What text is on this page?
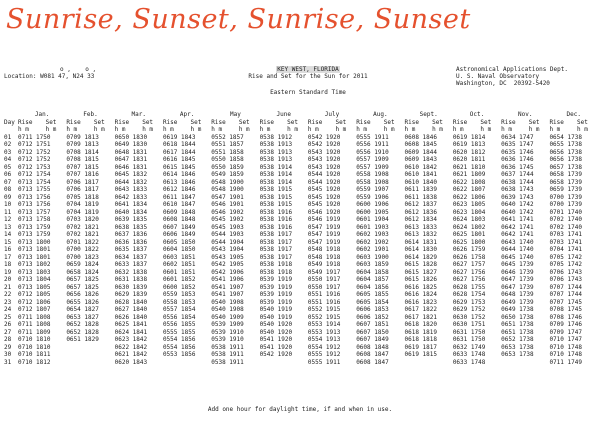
Sunrise, Sunset, Sunrise, Sunset
o ,    o ,
Location: W081 47, N24 33
KEY WEST, FLORIDA
Rise and Set for the Sun for 2011
Eastern Standard Time
Astronomical Applications Dept.
U. S. Naval Observatory
Washington, DC  20392-5420
	Jan.		Feb.		Mar.		Apr.		May		June		July		Aug.		Sept.		Oct.		Nov.		Dec.	
Day	Rise	Set	Rise	Set	Rise	Set	Rise	Set	Rise	Set	Rise	Set	Rise	Set	Rise	Set	Rise	Set	Rise	Set	Rise	Set	Rise	Set
	h m	h m	h m	h m	h m	h m	h m	h m	h m	h m	h m	h m	h m	h m	h m	h m	h m	h m	h m	h m	h m	h m	h m	h m
01	0711 1750		0709 1813		0650 1830		0619 1843		0552 1857		0538 1912		0542 1920		0555 1911		0608 1846		0619 1814		0634 1747		0654 1738	
02	0712 1751		0709 1813		0649 1830		0618 1844		0551 1857		0538 1913		0542 1920		0556 1911		0608 1845		0619 1813		0635 1747		0655 1738	
03	0712 1752		0708 1814		0648 1831		0617 1844		0551 1858		0538 1913		0543 1920		0556 1910		0609 1844		0620 1812		0635 1746		0656 1738	
04	0712 1752		0708 1815		0647 1831		0616 1845		0550 1858		0538 1913		0543 1920		0557 1909		0609 1843		0620 1811		0636 1746		0656 1738	
05	0712 1753		0707 1815		0646 1831		0615 1845		0550 1859		0538 1914		0543 1920		0557 1909		0610 1842		0621 1810		0636 1745		0657 1738	
06	0712 1754		0707 1816		0645 1832		0614 1846		0549 1859		0538 1914		0544 1920		0558 1908		0610 1841		0621 1809		0637 1744		0658 1739	
07	0713 1754		0706 1817		0644 1832		0613 1846		0548 1900		0538 1914		0544 1920		0558 1908		0610 1840		0622 1808		0638 1744		0658 1739	
08	0713 1755		0706 1817		0643 1833		0612 1846		0548 1900		0538 1915		0545 1920		0559 1907		0611 1839		0622 1807		0638 1743		0659 1739	
09	0713 1756		0705 1818		0642 1833		0611 1847		0547 1901		0538 1915		0545 1920		0559 1906		0611 1838		0622 1806		0639 1743		0700 1739	
10	0713 1756		0704 1819		0641 1834		0610 1847		0546 1901		0538 1915		0545 1920		0600 1906		0612 1837		0623 1805		0640 1742		0700 1739	
11	0713 1757		0704 1819		0640 1834		0609 1848		0546 1902		0538 1916		0546 1920		0600 1905		0612 1836		0623 1804		0640 1742		0701 1740	
12	0713 1758		0703 1820		0639 1835		0608 1848		0545 1902		0538 1916		0546 1919		0601 1904		0612 1834		0624 1803		0641 1741		0702 1740	
13	0713 1759		0702 1821		0638 1835		0607 1849		0545 1903		0538 1916		0547 1919		0601 1903		0613 1833		0624 1802		0642 1741		0702 1740	
14	0713 1759		0702 1821		0637 1836		0606 1849		0544 1903		0538 1917		0547 1919		0602 1903		0613 1832		0625 1801		0642 1741		0703 1741	
15	0713 1800		0701 1822		0636 1836		0605 1850		0544 1904		0538 1917		0547 1919		0602 1902		0614 1831		0625 1800		0643 1740		0703 1741	
16	0713 1801		0700 1822		0635 1837		0604 1850		0543 1904		0538 1917		0548 1918		0602 1901		0614 1830		0626 1759		0644 1740		0704 1741	
17	0713 1801		0700 1823		0634 1837		0603 1851		0543 1905		0538 1917		0548 1918		0603 1900		0614 1829		0626 1758		0645 1740		0705 1742	
18	0713 1802		0659 1824		0633 1837		0602 1851		0542 1905		0538 1918		0549 1918		0603 1859		0615 1828		0627 1757		0645 1739		0705 1742	
19	0713 1803		0658 1824		0632 1838		0601 1851		0542 1906		0538 1918		0549 1917		0604 1858		0615 1827		0627 1756		0646 1739		0706 1743	
20	0713 1804		0657 1825		0631 1838		0601 1852		0541 1906		0539 1919		0550 1917		0604 1857		0615 1826		0627 1756		0647 1739		0706 1743	
21	0713 1805		0657 1825		0630 1839		0600 1852		0541 1907		0539 1919		0550 1917		0604 1856		0616 1825		0628 1755		0647 1739		0707 1744	
22	0712 1805		0656 1826		0629 1839		0559 1853		0541 1907		0539 1919		0551 1916		0605 1855		0616 1824		0628 1754		0648 1739		0707 1744	
23	0712 1806		0655 1826		0628 1840		0558 1853		0540 1908		0539 1919		0551 1916		0605 1854		0616 1823		0629 1753		0649 1739		0707 1745	
24	0712 1807		0654 1827		0627 1840		0557 1854		0540 1908		0540 1919		0552 1915		0606 1853		0617 1822		0629 1752		0649 1738		0708 1745	
25	0711 1808		0653 1827		0626 1840		0556 1854		0540 1909		0540 1919		0552 1915		0606 1852		0617 1821		0630 1752		0650 1738		0708 1746	
26	0711 1808		0652 1828		0625 1841		0556 1855		0539 1909		0540 1920		0553 1914		0607 1851		0618 1820		0630 1751		0651 1738		0709 1746	
27	0711 1809		0652 1828		0624 1841		0555 1855		0539 1910		0540 1920		0553 1913		0607 1850		0618 1819		0631 1750		0651 1738		0709 1747	
28	0710 1810		0651 1829		0623 1842		0554 1856		0539 1910		0541 1920		0554 1913		0607 1849		0618 1818		0631 1750		0652 1738		0710 1747	
29	0710 1810				0622 1842		0554 1856		0538 1911		0541 1920		0554 1912		0608 1848		0619 1817		0632 1749		0653 1738		0710 1748	
30	0710 1811				0621 1842		0553 1856		0538 1911		0542 1920		0555 1912		0608 1847		0619 1815		0633 1748		0653 1738		0710 1748	
31	0710 1812				0620 1843				0538 1911				0555 1911		0608 1847				0633 1748				0711 1749	
Add one hour for daylight time, if and when in use.
